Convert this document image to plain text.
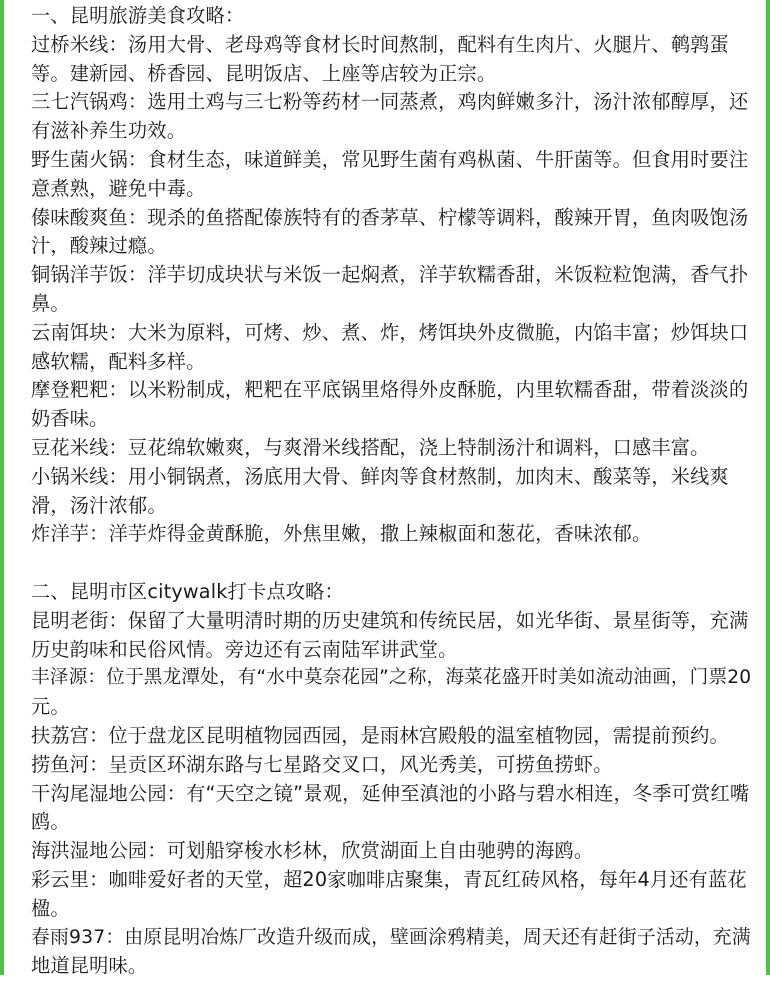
一、昆明旅游美食攻略：
过桥米线：汤用大骨、老母鸡等食材长时间熬制，配料有生肉片、火腿片、鹌鹑蛋
等。建新园、桥香园、昆明饭店、上座等店较为正宗。
三七汽锅鸡：选用土鸡与三七粉等药材一同蒸煮，鸡肉鲜嫩多汁，汤汁浓郁醇厚，还
有滋补养生功效。
野生菌火锅：食材生态，味道鲜美，常见野生菌有鸡枞菌、牛肝菌等。但食用时要注
意煮熟，避免中毒。
傣味酸爽鱼：现杀的鱼搭配傣族特有的香茅草、柠檬等调料，酸辣开胃，鱼肉吸饱汤
汁，酸辣过瘾。
铜锅洋芋饭：洋芋切成块状与米饭一起焖煮，洋芋软糯香甜，米饭粒粒饱满，香气扑
鼻。
云南饵块：大米为原料，可烤、炒、煮、炸，烤饵块外皮微脆，内馅丰富；炒饵块口
感软糯，配料多样。
摩登粑粑：以米粉制成，粑粑在平底锅里烙得外皮酥脆，内里软糯香甜，带着淡淡的
奶香味。
豆花米线：豆花绵软嫩爽，与爽滑米线搭配，浇上特制汤汁和调料，口感丰富。
小锅米线：用小铜锅煮，汤底用大骨、鲜肉等食材熬制，加肉末、酸菜等，米线爽
滑，汤汁浓郁。
炸洋芋：洋芋炸得金黄酥脆，外焦里嫩，撒上辣椒面和葱花，香味浓郁。
二、昆明市区citywalk打卡点攻略：
昆明老街：保留了大量明清时期的历史建筑和传统民居，如光华街、景星街等，充满
历史韵味和民俗风情。旁边还有云南陆军讲武堂。
丰泽源：位于黑龙潭处，有“水中莫奈花园”之称，海菜花盛开时美如流动油画，门票20
元。
扶荔宫：位于盘龙区昆明植物园西园，是雨林宫殿般的温室植物园，需提前预约。
捞鱼河：呈贡区环湖东路与七星路交叉口，风光秀美，可捞鱼捞虾。
干沟尾湿地公园：有“天空之镜”景观，延伸至滇池的小路与碧水相连，冬季可赏红嘴
鸥。
海洪湿地公园：可划船穿梭水杉林，欣赏湖面上自由驰骋的海鸥。
彩云里：咖啡爱好者的天堂，超20家咖啡店聚集，青瓦红砖风格，每年4月还有蓝花
楹。
春雨937：由原昆明冶炼厂改造升级而成，壁画涂鸦精美，周天还有赶街子活动，充满
地道昆明味。
